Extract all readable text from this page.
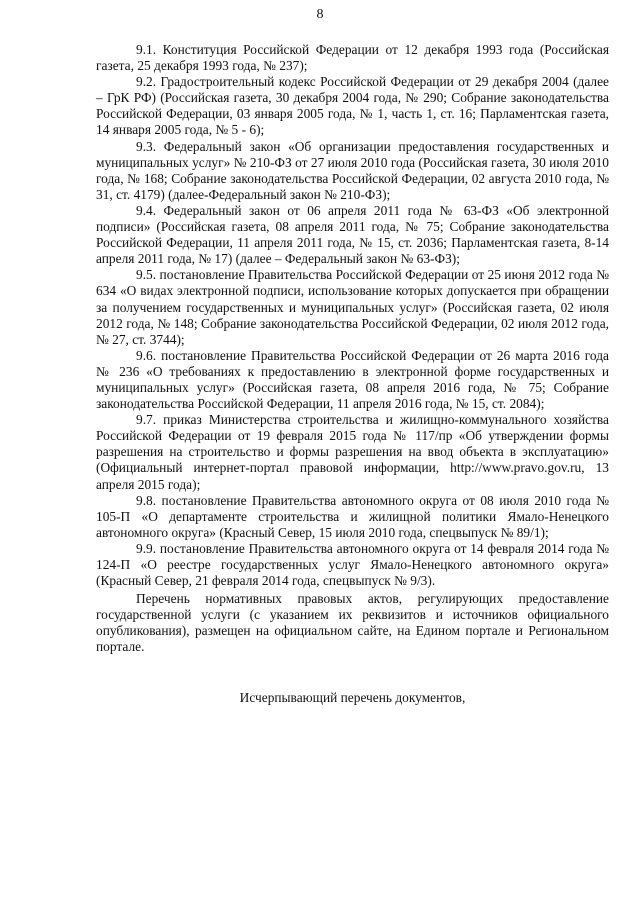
8

9.1. Конституция Российской Федерации от 12 декабря 1993 года (Российская газета, 25 декабря 1993 года, № 237);

9.2. Градостроительный кодекс Российской Федерации от 29 декабря 2004 (далее – ГрК РФ) (Российская газета, 30 декабря 2004 года, № 290; Собрание законодательства Российской Федерации, 03 января 2005 года, № 1, часть 1, ст. 16; Парламентская газета, 14 января 2005 года, № 5 - 6);

9.3. Федеральный закон «Об организации предоставления государственных и муниципальных услуг» № 210-ФЗ от 27 июля 2010 года (Российская газета, 30 июля 2010 года, № 168; Собрание законодательства Российской Федерации, 02 августа 2010 года, № 31, ст. 4179) (далее-Федеральный закон № 210-ФЗ);

9.4. Федеральный закон от 06 апреля 2011 года № 63-ФЗ «Об электронной подписи» (Российская газета, 08 апреля 2011 года, № 75; Собрание законодательства Российской Федерации, 11 апреля 2011 года, № 15, ст. 2036; Парламентская газета, 8-14 апреля 2011 года, № 17) (далее – Федеральный закон № 63-ФЗ);

9.5. постановление Правительства Российской Федерации от 25 июня 2012 года № 634 «О видах электронной подписи, использование которых допускается при обращении за получением государственных и муниципальных услуг» (Российская газета, 02 июля 2012 года, № 148; Собрание законодательства Российской Федерации, 02 июля 2012 года, № 27, ст. 3744);

9.6. постановление Правительства Российской Федерации от 26 марта 2016 года № 236 «О требованиях к предоставлению в электронной форме государственных и муниципальных услуг» (Российская газета, 08 апреля 2016 года, № 75; Собрание законодательства Российской Федерации, 11 апреля 2016 года, № 15, ст. 2084);

9.7. приказ Министерства строительства и жилищно-коммунального хозяйства Российской Федерации от 19 февраля 2015 года № 117/пр «Об утверждении формы разрешения на строительство и формы разрешения на ввод объекта в эксплуатацию» (Официальный интернет-портал правовой информации, http://www.pravo.gov.ru, 13 апреля 2015 года);

9.8. постановление Правительства автономного округа от 08 июля 2010 года № 105-П «О департаменте строительства и жилищной политики Ямало-Ненецкого автономного округа» (Красный Север, 15 июля 2010 года, спецвыпуск № 89/1);

9.9. постановление Правительства автономного округа от 14 февраля 2014 года № 124-П «О реестре государственных услуг Ямало-Ненецкого автономного округа» (Красный Север, 21 февраля 2014 года, спецвыпуск № 9/3).

Перечень нормативных правовых актов, регулирующих предоставление государственной услуги (с указанием их реквизитов и источников официального опубликования), размещен на официальном сайте, на Едином портале и Региональном портале.

Исчерпывающий перечень документов,
